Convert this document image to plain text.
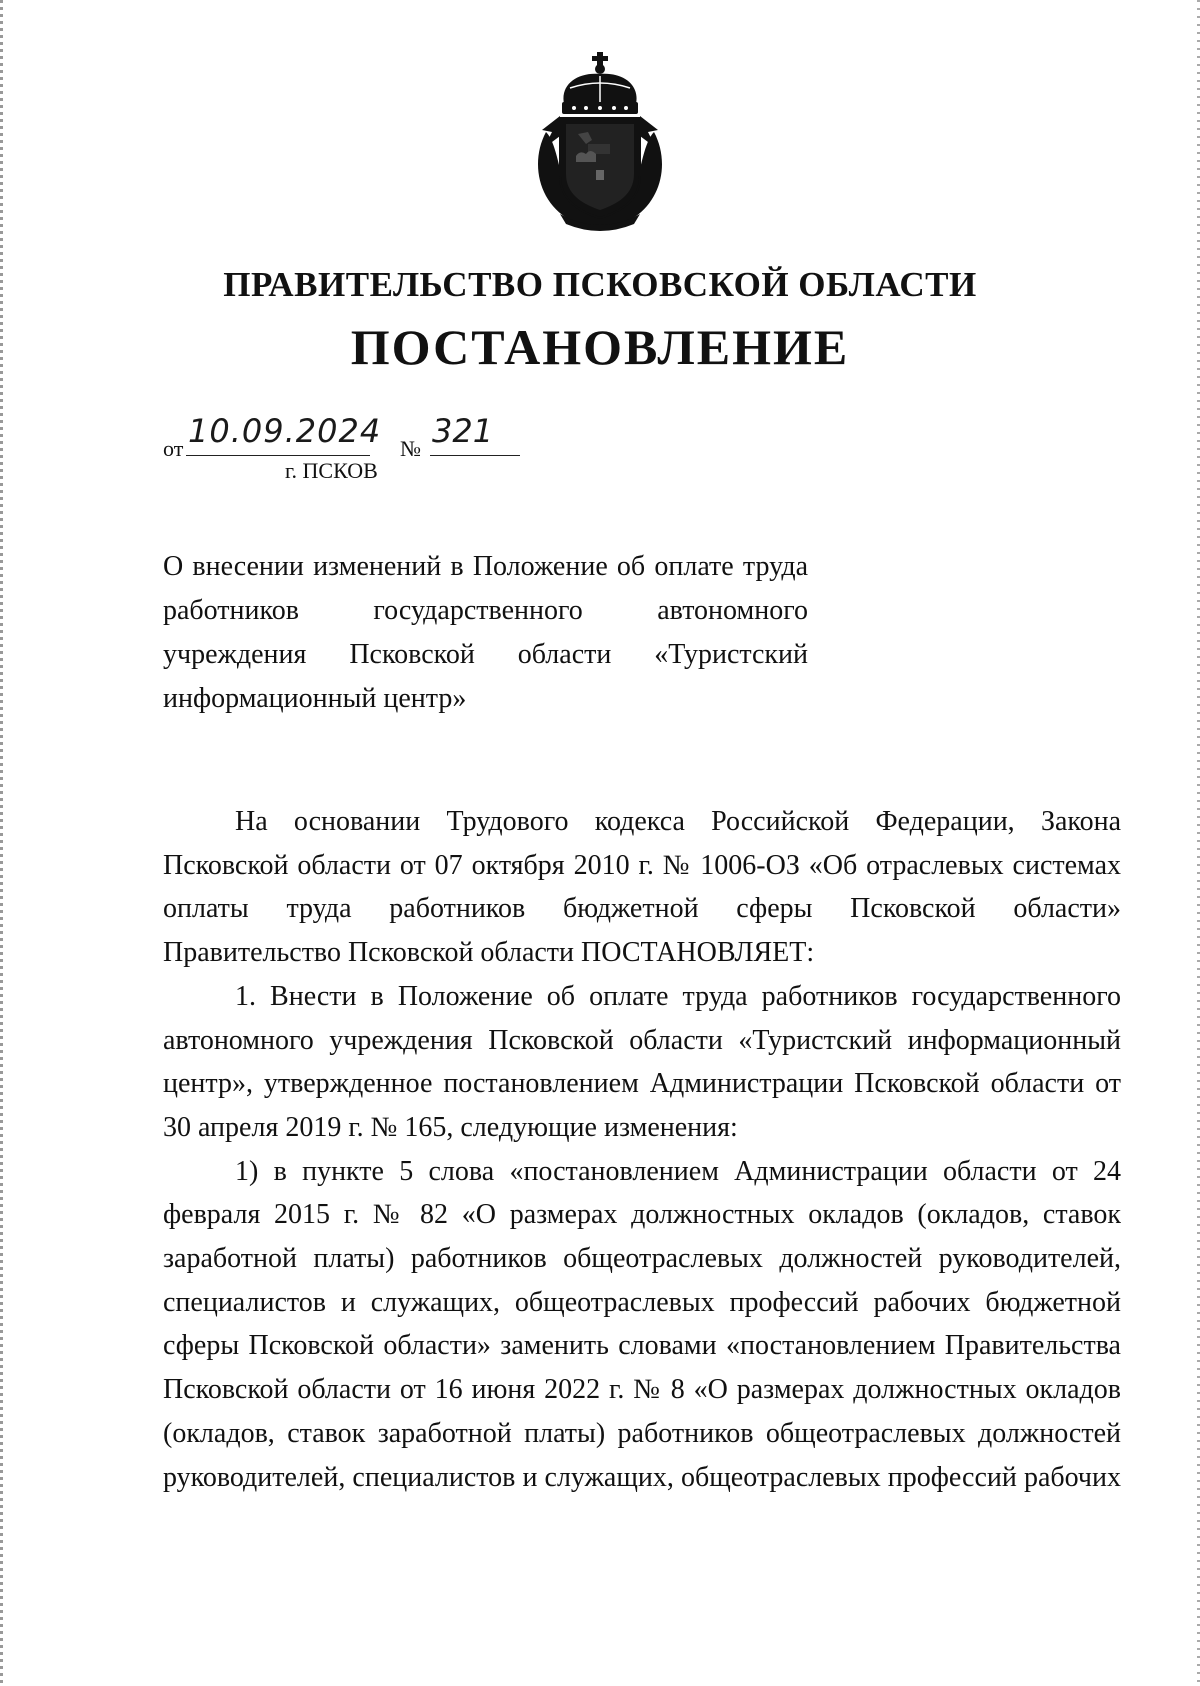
ПРАВИТЕЛЬСТВО ПСКОВСКОЙ ОБЛАСТИ
ПОСТАНОВЛЕНИЕ
от 10.09.2024 № 321
г. ПСКОВ
О внесении изменений в Положение об оплате труда работников государственного автономного учреждения Псковской области «Туристский информационный центр»

На основании Трудового кодекса Российской Федерации, Закона Псковской области от 07 октября 2010 г. № 1006-ОЗ «Об отраслевых системах оплаты труда работников бюджетной сферы Псковской области» Правительство Псковской области ПОСТАНОВЛЯЕТ:

1. Внести в Положение об оплате труда работников государственного автономного учреждения Псковской области «Туристский информационный центр», утвержденное постановлением Администрации Псковской области от 30 апреля 2019 г. № 165, следующие изменения:

1) в пункте 5 слова «постановлением Администрации области от 24 февраля 2015 г. № 82 «О размерах должностных окладов (окладов, ставок заработной платы) работников общеотраслевых должностей руководителей, специалистов и служащих, общеотраслевых профессий рабочих бюджетной сферы Псковской области» заменить словами «постановлением Правительства Псковской области от 16 июня 2022 г. № 8 «О размерах должностных окладов (окладов, ставок заработной платы) работников общеотраслевых должностей руководителей, специалистов и служащих, общеотраслевых профессий рабочих
